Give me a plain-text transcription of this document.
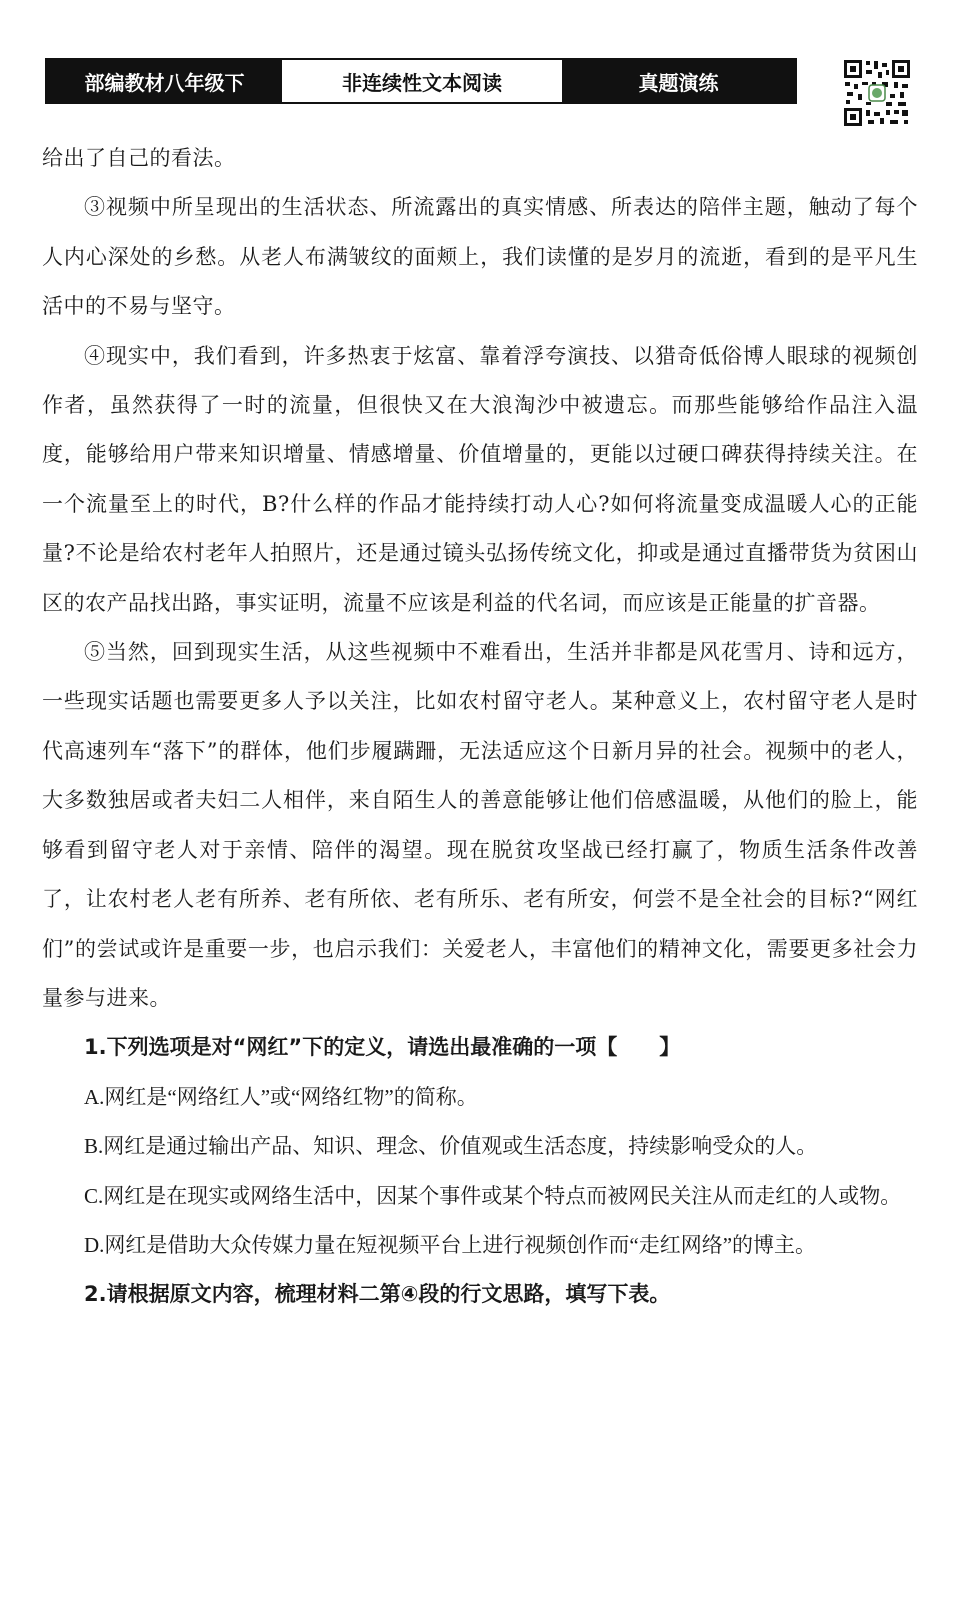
部编教材八年级下	非连续性文本阅读	真题演练

给出了自己的看法。

③视频中所呈现出的生活状态、所流露出的真实情感、所表达的陪伴主题，触动了每个人内心深处的乡愁。从老人布满皱纹的面颊上，我们读懂的是岁月的流逝，看到的是平凡生活中的不易与坚守。

④现实中，我们看到，许多热衷于炫富、靠着浮夸演技、以猎奇低俗博人眼球的视频创作者，虽然获得了一时的流量，但很快又在大浪淘沙中被遗忘。而那些能够给作品注入温度，能够给用户带来知识增量、情感增量、价值增量的，更能以过硬口碑获得持续关注。在一个流量至上的时代，B?什么样的作品才能持续打动人心?如何将流量变成温暖人心的正能量?不论是给农村老年人拍照片，还是通过镜头弘扬传统文化，抑或是通过直播带货为贫困山区的农产品找出路，事实证明，流量不应该是利益的代名词，而应该是正能量的扩音器。

⑤当然，回到现实生活，从这些视频中不难看出，生活并非都是风花雪月、诗和远方，一些现实话题也需要更多人予以关注，比如农村留守老人。某种意义上，农村留守老人是时代高速列车“落下”的群体，他们步履蹒跚，无法适应这个日新月异的社会。视频中的老人，大多数独居或者夫妇二人相伴，来自陌生人的善意能够让他们倍感温暖，从他们的脸上，能够看到留守老人对于亲情、陪伴的渴望。现在脱贫攻坚战已经打赢了，物质生活条件改善了，让农村老人老有所养、老有所依、老有所乐、老有所安，何尝不是全社会的目标?“网红们”的尝试或许是重要一步，也启示我们：关爱老人，丰富他们的精神文化，需要更多社会力量参与进来。

1.下列选项是对“网红”下的定义，请选出最准确的一项【　　】

A.网红是“网络红人”或“网络红物”的简称。

B.网红是通过输出产品、知识、理念、价值观或生活态度，持续影响受众的人。

C.网红是在现实或网络生活中，因某个事件或某个特点而被网民关注从而走红的人或物。

D.网红是借助大众传媒力量在短视频平台上进行视频创作而“走红网络”的博主。

2.请根据原文内容，梳理材料二第④段的行文思路，填写下表。
